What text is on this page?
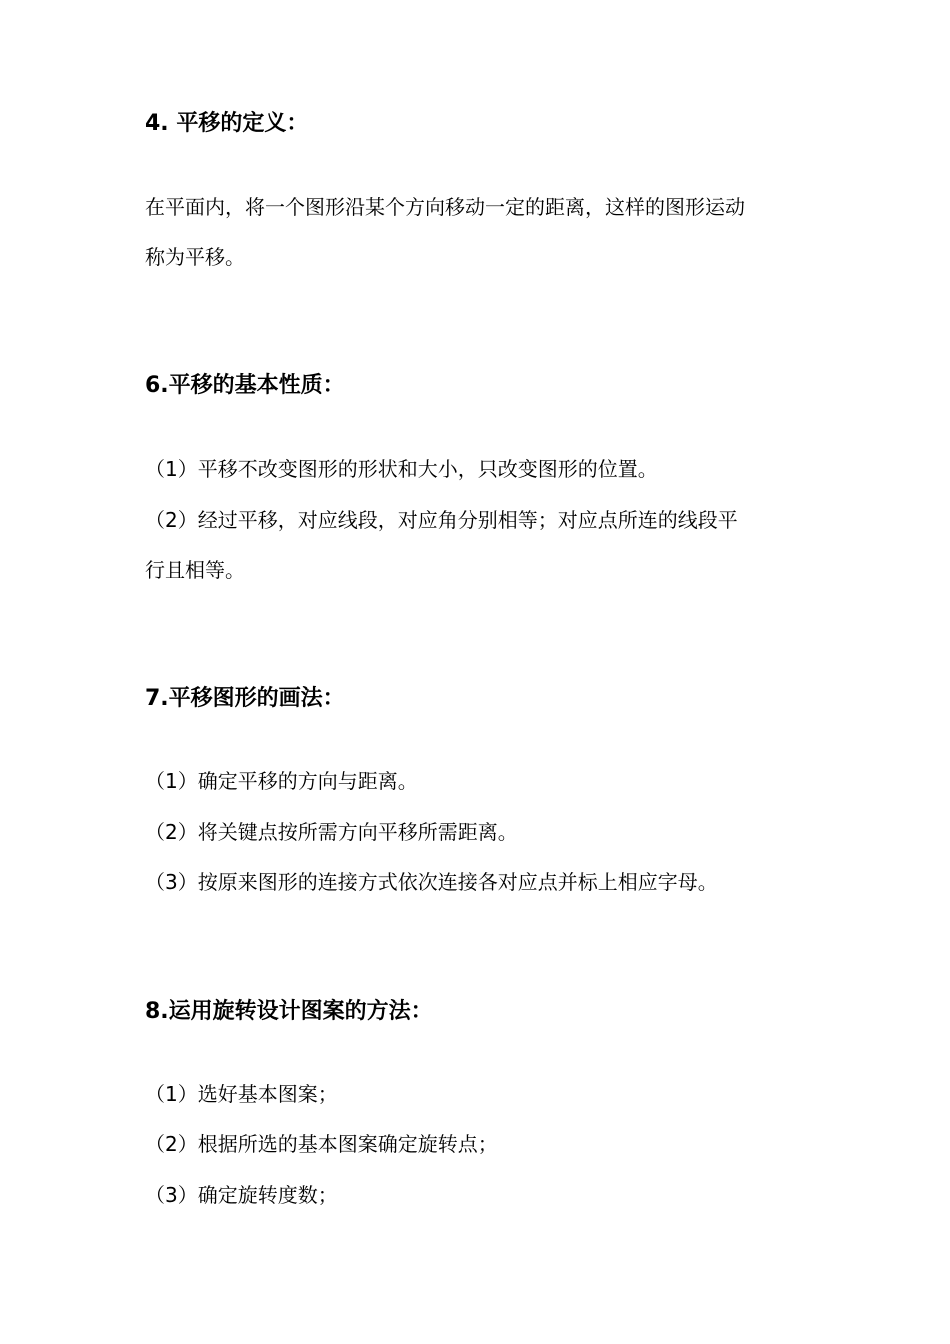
4. 平移的定义：
在平面内，将一个图形沿某个方向移动一定的距离，这样的图形运动
称为平移。
6.平移的基本性质：
（1）平移不改变图形的形状和大小，只改变图形的位置。
（2）经过平移，对应线段，对应角分别相等；对应点所连的线段平
行且相等。
7.平移图形的画法：
（1）确定平移的方向与距离。
（2）将关键点按所需方向平移所需距离。
（3）按原来图形的连接方式依次连接各对应点并标上相应字母。
8.运用旋转设计图案的方法：
（1）选好基本图案；
（2）根据所选的基本图案确定旋转点；
（3）确定旋转度数；
